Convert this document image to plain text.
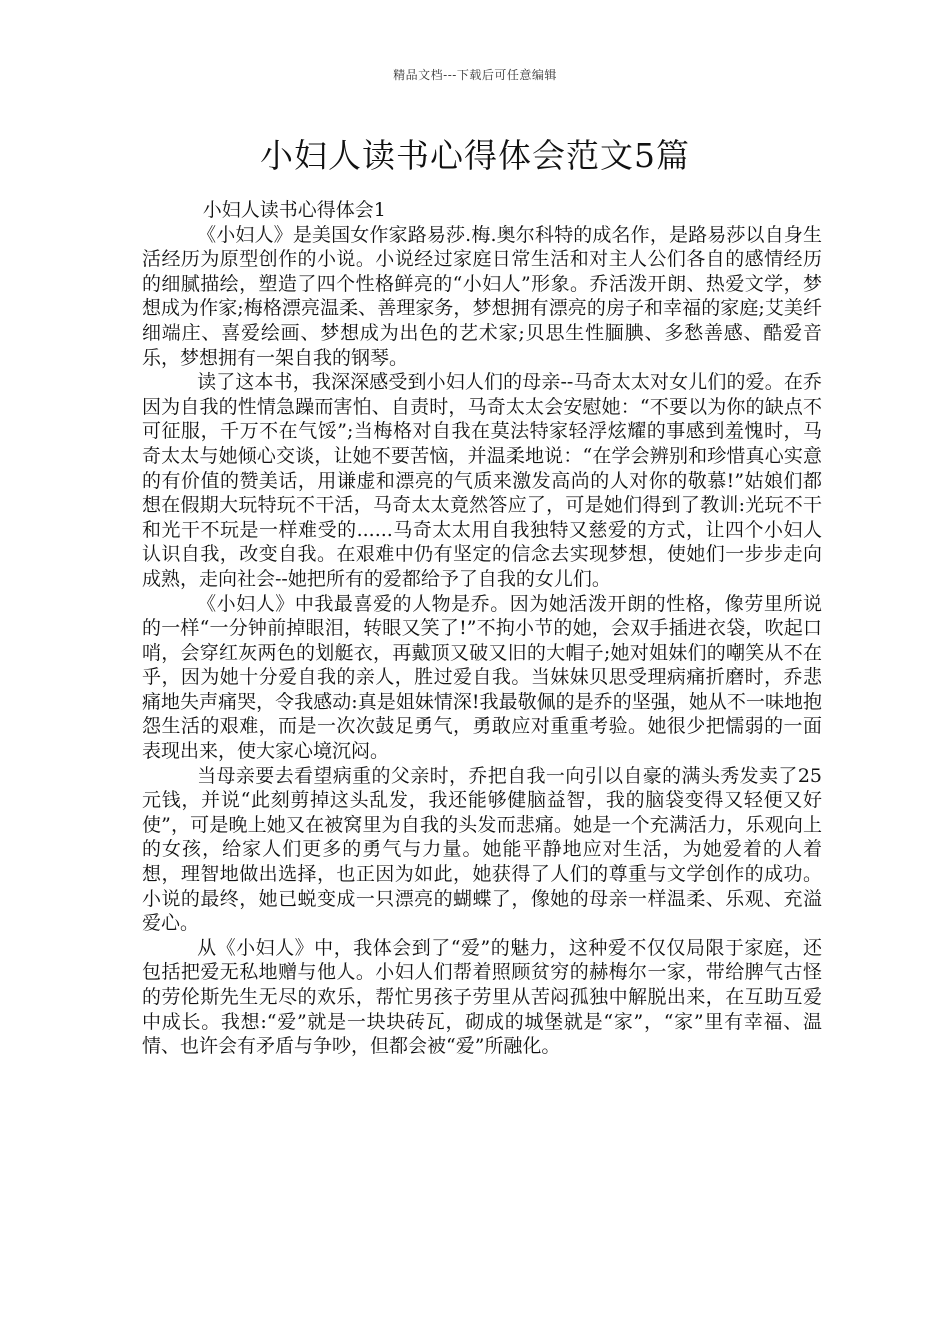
精品文档---下载后可任意编辑
小妇人读书心得体会范文5篇

小妇人读书心得体会1

《小妇人》是美国女作家路易莎.梅.奥尔科特的成名作，是路易莎以自身生活经历为原型创作的小说。小说经过家庭日常生活和对主人公们各自的感情经历的细腻描绘，塑造了四个性格鲜亮的“小妇人”形象。乔活泼开朗、热爱文学，梦想成为作家;梅格漂亮温柔、善理家务，梦想拥有漂亮的房子和幸福的家庭;艾美纤细端庄、喜爱绘画、梦想成为出色的艺术家;贝思生性腼腆、多愁善感、酷爱音乐，梦想拥有一架自我的钢琴。

读了这本书，我深深感受到小妇人们的母亲--马奇太太对女儿们的爱。在乔因为自我的性情急躁而害怕、自责时，马奇太太会安慰她：“不要以为你的缺点不可征服，千万不在气馁”;当梅格对自我在莫法特家轻浮炫耀的事感到羞愧时，马奇太太与她倾心交谈，让她不要苦恼，并温柔地说：“在学会辨别和珍惜真心实意的有价值的赞美话，用谦虚和漂亮的气质来激发高尚的人对你的敬慕!”姑娘们都想在假期大玩特玩不干活，马奇太太竟然答应了，可是她们得到了教训:光玩不干和光干不玩是一样难受的......马奇太太用自我独特又慈爱的方式，让四个小妇人认识自我，改变自我。在艰难中仍有坚定的信念去实现梦想，使她们一步步走向成熟，走向社会--她把所有的爱都给予了自我的女儿们。

《小妇人》中我最喜爱的人物是乔。因为她活泼开朗的性格，像劳里所说的一样“一分钟前掉眼泪，转眼又笑了!”不拘小节的她，会双手插进衣袋，吹起口哨，会穿红灰两色的划艇衣，再戴顶又破又旧的大帽子;她对姐妹们的嘲笑从不在乎，因为她十分爱自我的亲人，胜过爱自我。当妹妹贝思受理病痛折磨时，乔悲痛地失声痛哭，令我感动:真是姐妹情深!我最敬佩的是乔的坚强，她从不一味地抱怨生活的艰难，而是一次次鼓足勇气，勇敢应对重重考验。她很少把懦弱的一面表现出来，使大家心境沉闷。

当母亲要去看望病重的父亲时，乔把自我一向引以自豪的满头秀发卖了25元钱，并说“此刻剪掉这头乱发，我还能够健脑益智，我的脑袋变得又轻便又好使”，可是晚上她又在被窝里为自我的头发而悲痛。她是一个充满活力，乐观向上的女孩，给家人们更多的勇气与力量。她能平静地应对生活，为她爱着的人着想，理智地做出选择，也正因为如此，她获得了人们的尊重与文学创作的成功。小说的最终，她已蜕变成一只漂亮的蝴蝶了，像她的母亲一样温柔、乐观、充溢爱心。

从《小妇人》中，我体会到了“爱”的魅力，这种爱不仅仅局限于家庭，还包括把爱无私地赠与他人。小妇人们帮着照顾贫穷的赫梅尔一家，带给脾气古怪的劳伦斯先生无尽的欢乐，帮忙男孩子劳里从苦闷孤独中解脱出来，在互助互爱中成长。我想:“爱”就是一块块砖瓦，砌成的城堡就是“家”，“家”里有幸福、温情、也许会有矛盾与争吵，但都会被“爱”所融化。
